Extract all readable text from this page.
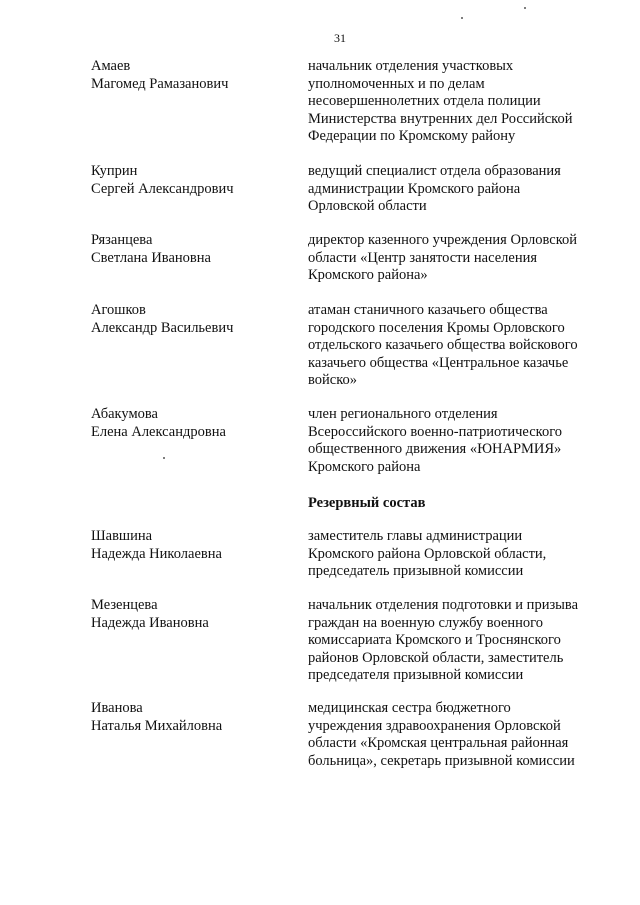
31
Амаев
Магомед Рамазанович
начальник отделения участковых
уполномоченных и по делам
несовершеннолетних отдела полиции
Министерства внутренних дел Российской
Федерации по Кромскому району
Куприн
Сергей Александрович
ведущий специалист отдела образования
администрации Кромского района
Орловской области
Рязанцева
Светлана Ивановна
директор казенного учреждения Орловской
области «Центр занятости населения
Кромского района»
Агошков
Александр Васильевич
атаман станичного казачьего общества
городского поселения Кромы Орловского
отдельского казачьего общества войскового
казачьего общества «Центральное казачье
войско»
Абакумова
Елена Александровна
член регионального отделения
Всероссийского военно-патриотического
общественного движения «ЮНАРМИЯ»
Кромского района
Резервный состав
Шавшина
Надежда Николаевна
заместитель главы администрации
Кромского района Орловской области,
председатель призывной комиссии
Мезенцева
Надежда Ивановна
начальник отделения подготовки и призыва
граждан на военную службу военного
комиссариата Кромского и Троснянского
районов Орловской области, заместитель
председателя призывной комиссии
Иванова
Наталья Михайловна
медицинская сестра бюджетного
учреждения здравоохранения Орловской
области «Кромская центральная районная
больница», секретарь призывной комиссии
